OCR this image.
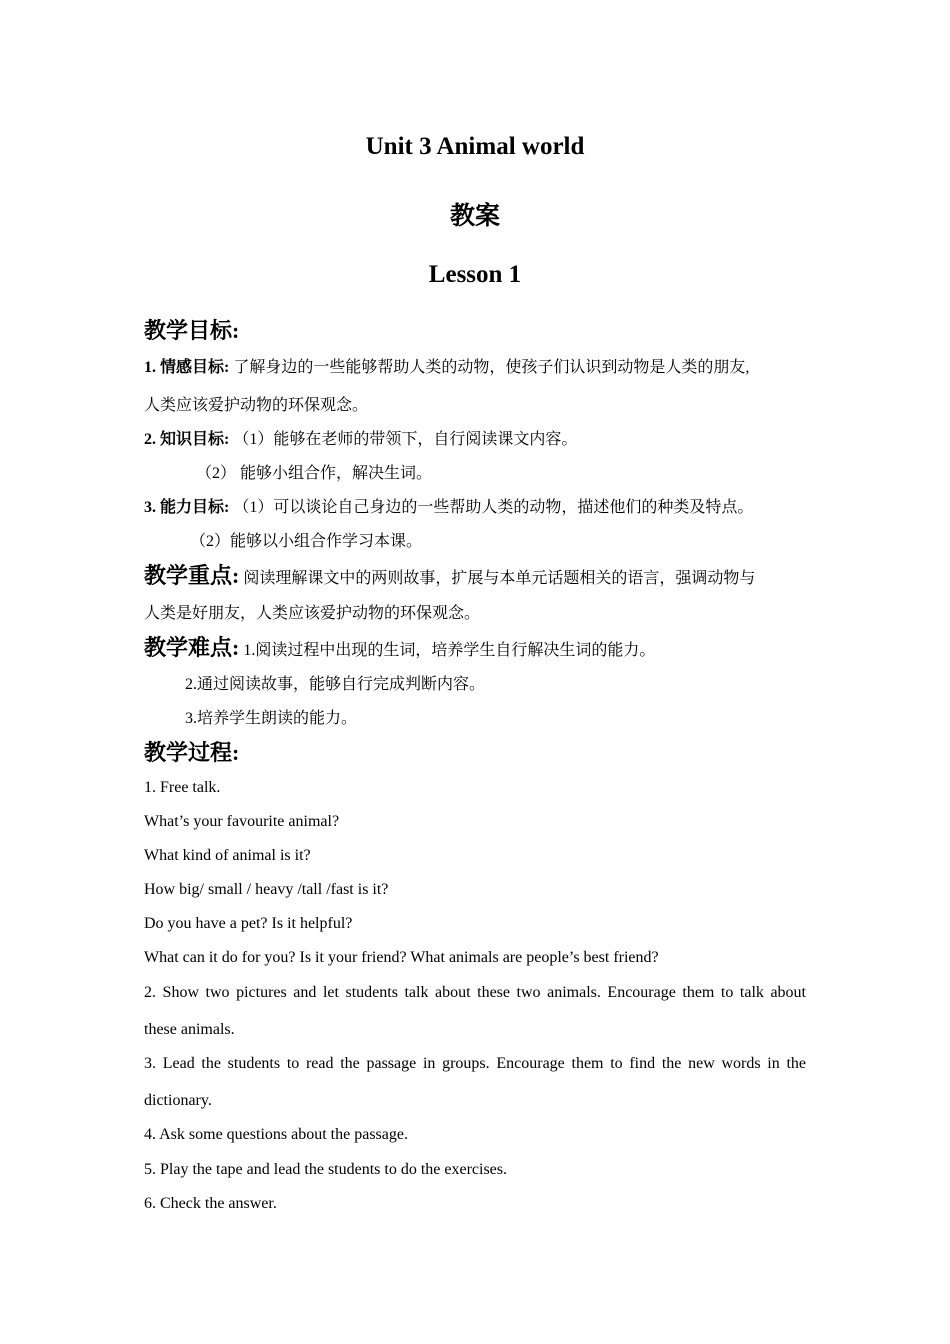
Unit 3 Animal world
教案
Lesson 1
教学目标:
1. 情感目标: 了解身边的一些能够帮助人类的动物，使孩子们认识到动物是人类的朋友,
人类应该爱护动物的环保观念。
2. 知识目标: （1）能够在老师的带领下，自行阅读课文内容。
（2） 能够小组合作，解决生词。
3. 能力目标: （1）可以谈论自己身边的一些帮助人类的动物，描述他们的种类及特点。
（2）能够以小组合作学习本课。
教学重点: 阅读理解课文中的两则故事，扩展与本单元话题相关的语言，强调动物与
人类是好朋友，人类应该爱护动物的环保观念。
教学难点: 1.阅读过程中出现的生词，培养学生自行解决生词的能力。
2.通过阅读故事，能够自行完成判断内容。
3.培养学生朗读的能力。
教学过程:
1. Free talk.
What’s your favourite animal?
What kind of animal is it?
How big/ small / heavy /tall /fast is it?
Do you have a pet? Is it helpful?
What can it do for you? Is it your friend? What animals are people’s best friend?
2. Show two pictures and let students talk about these two animals. Encourage them to talk about
these animals.
3. Lead the students to read the passage in groups. Encourage them to find the new words in the
dictionary.
4. Ask some questions about the passage.
5. Play the tape and lead the students to do the exercises.
6. Check the answer.
